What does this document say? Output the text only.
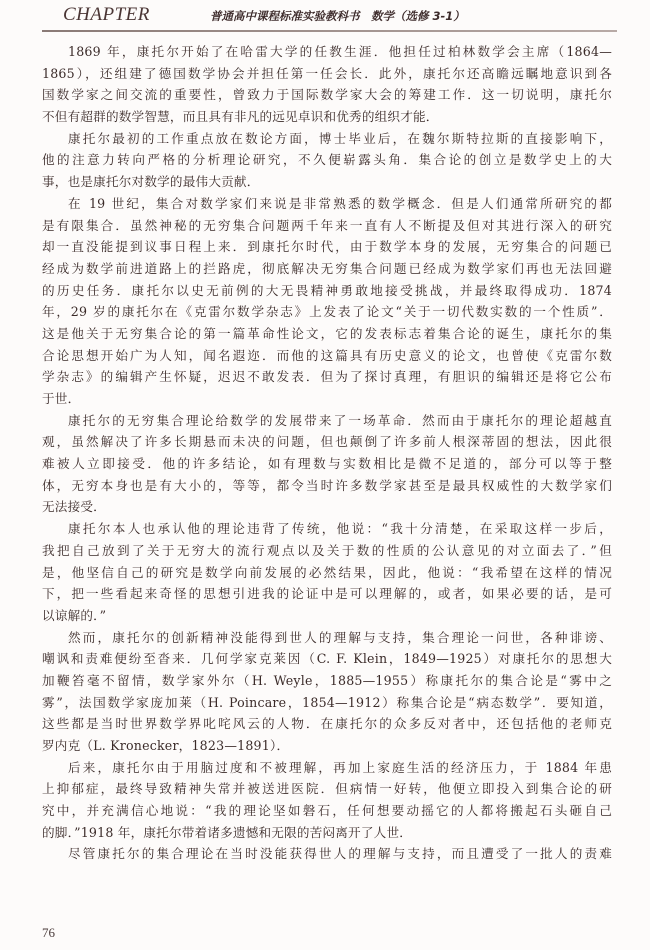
CHAPTER	普通高中课程标准实验教科书　数学（选修 3-1）
1869 年，康托尔开始了在哈雷大学的任教生涯．他担任过柏林数学会主席（1864—
1865），还组建了德国数学协会并担任第一任会长．此外，康托尔还高瞻远瞩地意识到各
国数学家之间交流的重要性，曾致力于国际数学家大会的筹建工作．这一切说明，康托尔
不但有超群的数学智慧，而且具有非凡的远见卓识和优秀的组织才能．
康托尔最初的工作重点放在数论方面，博士毕业后，在魏尔斯特拉斯的直接影响下，
他的注意力转向严格的分析理论研究，不久便崭露头角．集合论的创立是数学史上的大
事，也是康托尔对数学的最伟大贡献．
在 19 世纪，集合对数学家们来说是非常熟悉的数学概念．但是人们通常所研究的都
是有限集合．虽然神秘的无穷集合问题两千年来一直有人不断提及但对其进行深入的研究
却一直没能提到议事日程上来．到康托尔时代，由于数学本身的发展，无穷集合的问题已
经成为数学前进道路上的拦路虎，彻底解决无穷集合问题已经成为数学家们再也无法回避
的历史任务．康托尔以史无前例的大无畏精神勇敢地接受挑战，并最终取得成功．1874
年，29 岁的康托尔在《克雷尔数学杂志》上发表了论文“关于一切代数实数的一个性质”．
这是他关于无穷集合论的第一篇革命性论文，它的发表标志着集合论的诞生，康托尔的集
合论思想开始广为人知，闻名遐迩．而他的这篇具有历史意义的论文，也曾使《克雷尔数
学杂志》的编辑产生怀疑，迟迟不敢发表．但为了探讨真理，有胆识的编辑还是将它公布
于世．
康托尔的无穷集合理论给数学的发展带来了一场革命．然而由于康托尔的理论超越直
观，虽然解决了许多长期悬而未决的问题，但也颠倒了许多前人根深蒂固的想法，因此很
难被人立即接受．他的许多结论，如有理数与实数相比是微不足道的，部分可以等于整
体，无穷本身也是有大小的，等等，都令当时许多数学家甚至是最具权威性的大数学家们
无法接受．
康托尔本人也承认他的理论违背了传统，他说：“我十分清楚，在采取这样一步后，
我把自己放到了关于无穷大的流行观点以及关于数的性质的公认意见的对立面去了．”但
是，他坚信自己的研究是数学向前发展的必然结果，因此，他说：“我希望在这样的情况
下，把一些看起来奇怪的思想引进我的论证中是可以理解的，或者，如果必要的话，是可
以谅解的．”
然而，康托尔的创新精神没能得到世人的理解与支持，集合理论一问世，各种诽谤、
嘲讽和责难便纷至沓来．几何学家克莱因（C. F. Klein，1849—1925）对康托尔的思想大
加鞭笞毫不留情，数学家外尔（H. Weyle，1885—1955）称康托尔的集合论是“雾中之
雾”，法国数学家庞加莱（H. Poincare，1854—1912）称集合论是“病态数学”．要知道，
这些都是当时世界数学界叱咤风云的人物．在康托尔的众多反对者中，还包括他的老师克
罗内克（L. Kronecker，1823—1891）．
后来，康托尔由于用脑过度和不被理解，再加上家庭生活的经济压力，于 1884 年患
上抑郁症，最终导致精神失常并被送进医院．但病情一好转，他便立即投入到集合论的研
究中，并充满信心地说：“我的理论坚如磐石，任何想要动摇它的人都将搬起石头砸自己
的脚．”1918 年，康托尔带着诸多遗憾和无限的苦闷离开了人世．
尽管康托尔的集合理论在当时没能获得世人的理解与支持，而且遭受了一批人的责难
76
